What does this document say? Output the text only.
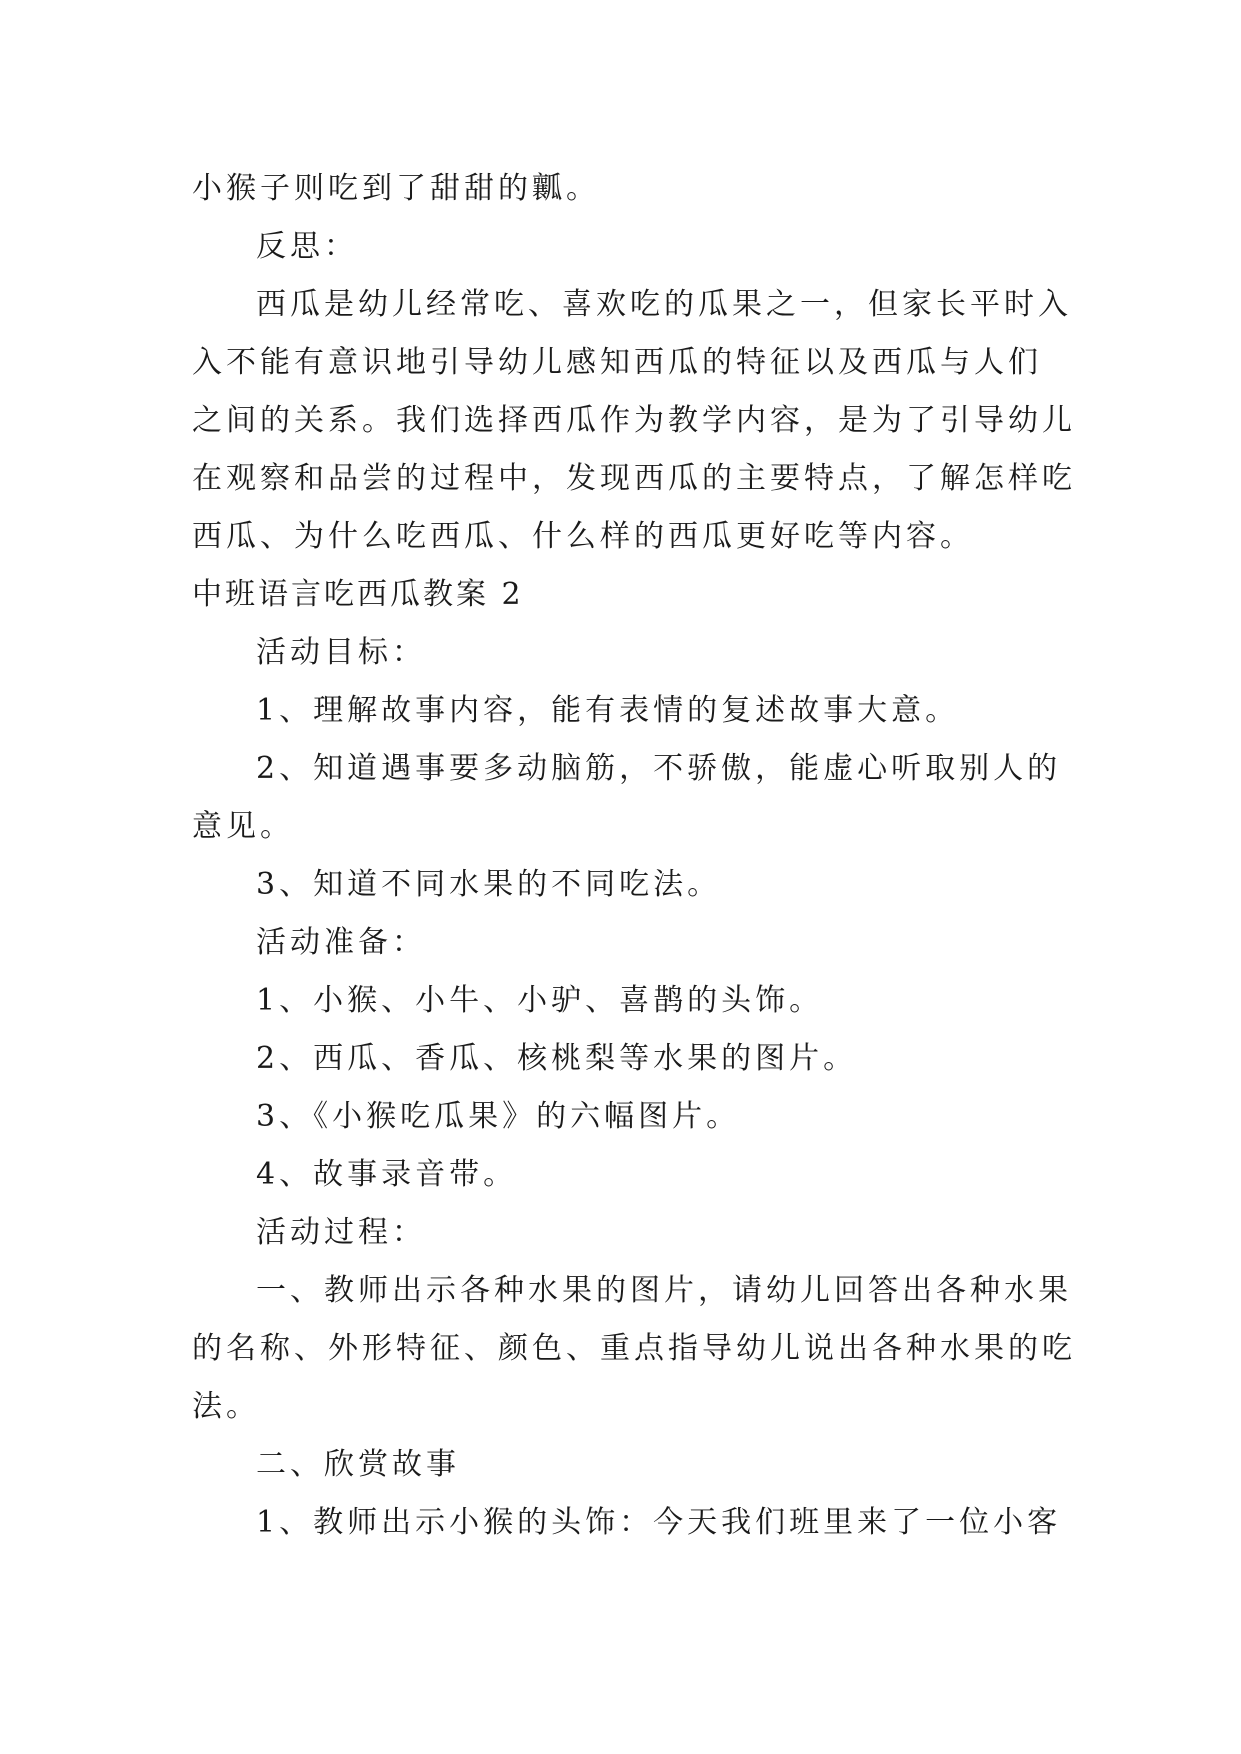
小猴子则吃到了甜甜的瓤。
反思：
西瓜是幼儿经常吃、喜欢吃的瓜果之一，但家长平时入
入不能有意识地引导幼儿感知西瓜的特征以及西瓜与人们
之间的关系。我们选择西瓜作为教学内容，是为了引导幼儿
在观察和品尝的过程中，发现西瓜的主要特点，了解怎样吃
西瓜、为什么吃西瓜、什么样的西瓜更好吃等内容。
中班语言吃西瓜教案 2
活动目标：
1、理解故事内容，能有表情的复述故事大意。
2、知道遇事要多动脑筋，不骄傲，能虚心听取别人的
意见。
3、知道不同水果的不同吃法。
活动准备：
1、小猴、小牛、小驴、喜鹊的头饰。
2、西瓜、香瓜、核桃梨等水果的图片。
3、《小猴吃瓜果》的六幅图片。
4、故事录音带。
活动过程：
一、教师出示各种水果的图片，请幼儿回答出各种水果
的名称、外形特征、颜色、重点指导幼儿说出各种水果的吃
法。
二、欣赏故事
1、教师出示小猴的头饰：今天我们班里来了一位小客
